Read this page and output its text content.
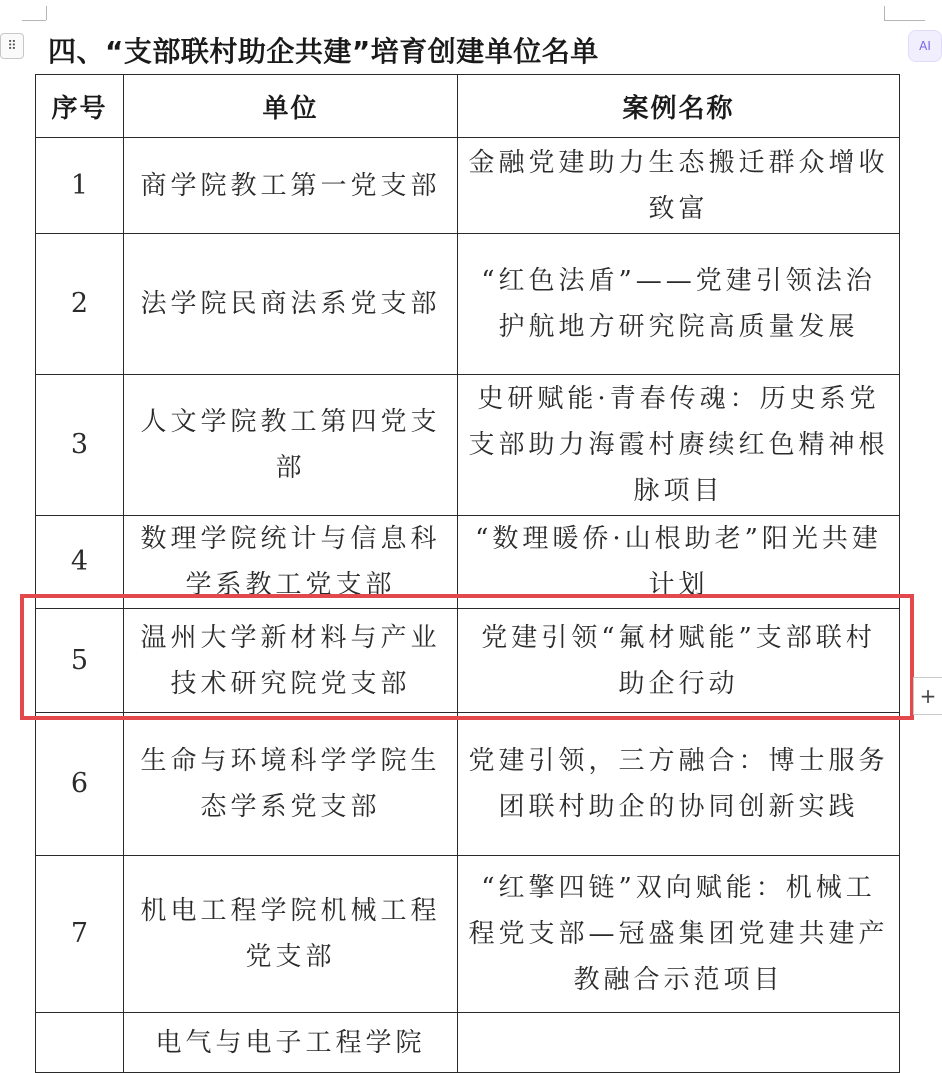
⠿ 四、“支部联村助企共建”培育创建单位名单	AI
序号	单位	案例名称
1	商学院教工第一党支部	金融党建助力生态搬迁群众增收致富
2	法学院民商法系党支部	“红色法盾”——党建引领法治护航地方研究院高质量发展
3	人文学院教工第四党支部	史研赋能·青春传魂：历史系党支部助力海霞村赓续红色精神根脉项目
4	数理学院统计与信息科学系教工党支部	“数理暖侨·山根助老”阳光共建计划
5	温州大学新材料与产业技术研究院党支部	党建引领“氟材赋能”支部联村助企行动
6	生命与环境科学学院生态学系党支部	党建引领，三方融合：博士服务团联村助企的协同创新实践
7	机电工程学院机械工程党支部	“红擎四链”双向赋能：机械工程党支部—冠盛集团党建共建产教融合示范项目
	电气与电子工程学院	
+
